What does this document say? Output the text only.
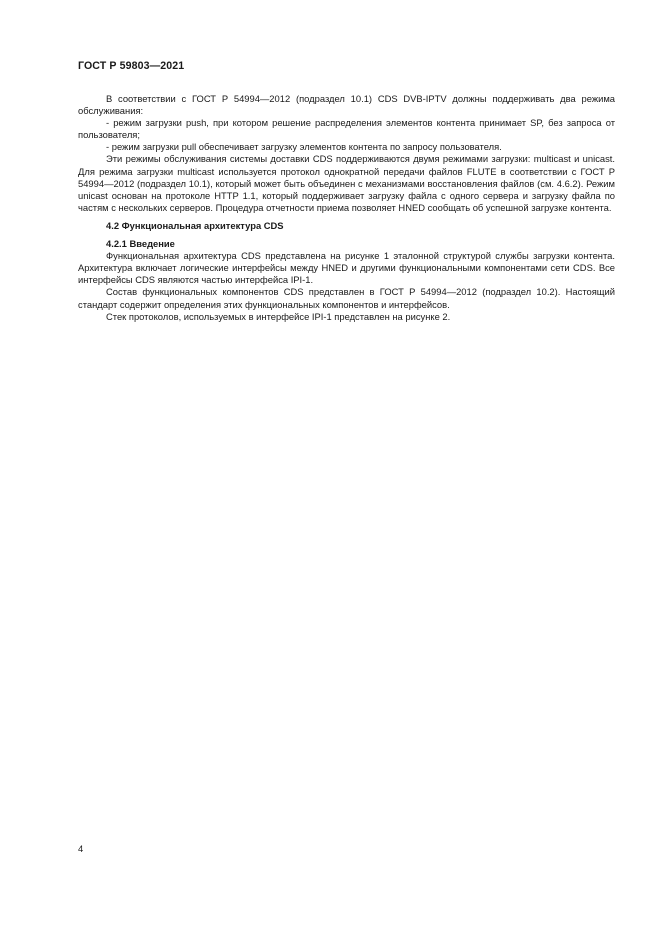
ГОСТ Р 59803—2021

В соответствии с ГОСТ Р 54994—2012 (подраздел 10.1) CDS DVB-IPTV должны поддерживать два режима обслуживания:

- режим загрузки push, при котором решение распределения элементов контента принимает SP, без запроса от пользователя;

- режим загрузки pull обеспечивает загрузку элементов контента по запросу пользователя.

Эти режимы обслуживания системы доставки CDS поддерживаются двумя режимами загрузки: multicast и unicast. Для режима загрузки multicast используется протокол однократной передачи файлов FLUTE в соответствии с ГОСТ Р 54994—2012 (подраздел 10.1), который может быть объединен с механизмами восстановления файлов (см. 4.6.2). Режим unicast основан на протоколе HTTP 1.1, который поддерживает загрузку файла с одного сервера и загрузку файла по частям с нескольких серверов. Процедура отчетности приема позволяет HNED сообщать об успешной загрузке контента.

4.2 Функциональная архитектура CDS
4.2.1 Введение

Функциональная архитектура CDS представлена на рисунке 1 эталонной структурой службы загрузки контента. Архитектура включает логические интерфейсы между HNED и другими функциональными компонентами сети CDS. Все интерфейсы CDS являются частью интерфейса IPI-1.

Состав функциональных компонентов CDS представлен в ГОСТ Р 54994—2012 (подраздел 10.2). Настоящий стандарт содержит определения этих функциональных компонентов и интерфейсов.

Стек протоколов, используемых в интерфейсе IPI-1 представлен на рисунке 2.

4
